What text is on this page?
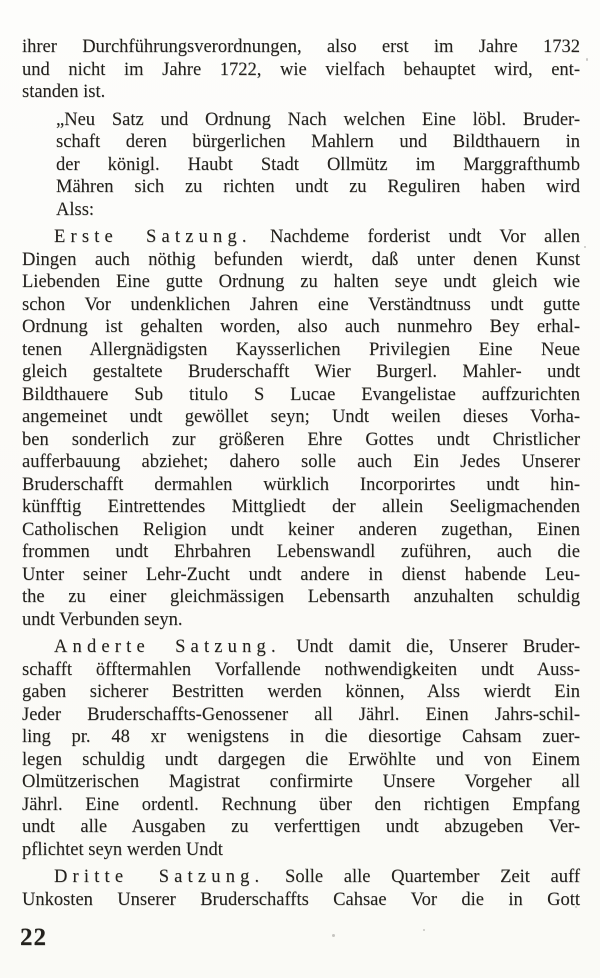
ihrer Durchführungsverordnungen, also erst im Jahre 1732
und nicht im Jahre 1722, wie vielfach behauptet wird, ent-
standen ist.
„Neu Satz und Ordnung Nach welchen Eine löbl. Bruder-
schaft deren bürgerlichen Mahlern und Bildthauern in
der königl. Haubt Stadt Ollmütz im Marggrafthumb
Mähren sich zu richten undt zu Reguliren haben wird
Alss:
Erste Satzung. Nachdeme forderist undt Vor allen
Dingen auch nöthig befunden wierdt, daß unter denen Kunst
Liebenden Eine gutte Ordnung zu halten seye undt gleich wie
schon Vor undenklichen Jahren eine Verständtnuss undt gutte
Ordnung ist gehalten worden, also auch nunmehro Bey erhal-
tenen Allergnädigsten Kaysserlichen Privilegien Eine Neue
gleich gestaltete Bruderschafft Wier Burgerl. Mahler- undt
Bildthauere Sub titulo S Lucae Evangelistae auffzurichten
angemeinet undt gewöllet seyn; Undt weilen dieses Vorha-
ben sonderlich zur größeren Ehre Gottes undt Christlicher
aufferbauung abziehet; dahero solle auch Ein Jedes Unserer
Bruderschafft dermahlen würklich Incorporirtes undt hin-
künfftig Eintrettendes Mittgliedt der allein Seeligmachenden
Catholischen Religion undt keiner anderen zugethan, Einen
frommen undt Ehrbahren Lebenswandl zuführen, auch die
Unter seiner Lehr-Zucht undt andere in dienst habende Leu-
the zu einer gleichmässigen Lebensarth anzuhalten schuldig
undt Verbunden seyn.
Anderte Satzung. Undt damit die, Unserer Bruder-
schafft öfftermahlen Vorfallende nothwendigkeiten undt Auss-
gaben sicherer Bestritten werden können, Alss wierdt Ein
Jeder Bruderschaffts-Genossener all Jährl. Einen Jahrs-schil-
ling pr. 48 xr wenigstens in die diesortige Cahsam zuer-
legen schuldig undt dargegen die Erwöhlte und von Einem
Olmützerischen Magistrat confirmirte Unsere Vorgeher all
Jährl. Eine ordentl. Rechnung über den richtigen Empfang
undt alle Ausgaben zu verferttigen undt abzugeben Ver-
pflichtet seyn werden Undt
Dritte Satzung. Solle alle Quartember Zeit auff
Unkosten Unserer Bruderschaffts Cahsae Vor die in Gott
22
